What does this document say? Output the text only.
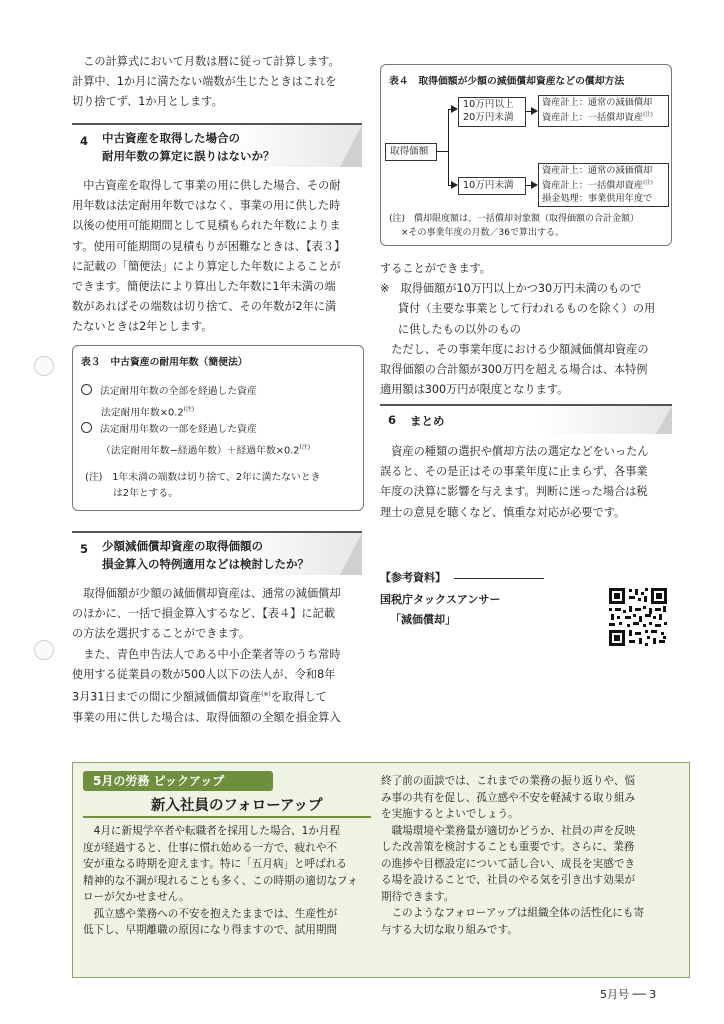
この計算式において月数は暦に従って計算します。

計算中、1か月に満たない端数が生じたときはこれを

切り捨てず、1か月とします。

4 中古資産を取得した場合の
耐用年数の算定に誤りはないか？

中古資産を取得して事業の用に供した場合、その耐

用年数は法定耐用年数ではなく、事業の用に供した時

以後の使用可能期間として見積もられた年数によりま

す。使用可能期間の見積もりが困難なときは、【表３】

に記載の「簡便法」により算定した年数によることが

できます。簡便法により算出した年数に1年未満の端

数があればその端数は切り捨て、その年数が2年に満

たないときは2年とします。

表３　中古資産の耐用年数（簡便法）
法定耐用年数の全部を経過した資産
法定耐用年数$\times 0.2^{(注)}$
法定耐用年数の一部を経過した資産
（法定耐用年数−経過年数）＋経過年数$\times 0.2^{(注)}$
(注)　1年未満の端数は切り捨て、2年に満たないとき
は2年とする。
5 少額減価償却資産の取得価額の
損金算入の特例適用などは検討したか？

取得価額が少額の減価償却資産は、通常の減価償却

のほかに、一括で損金算入するなど、【表４】に記載

の方法を選択することができます。

また、青色申告法人である中小企業者等のうち常時

使用する従業員の数が500人以下の法人が、令和8年

3月31日までの間に少額減価償却資産(※)を取得して

事業の用に供した場合は、取得価額の全額を損金算入

表４　取得価額が少額の減価償却資産などの償却方法
取得価額
10万円以上
20万円未満
10万円未満
資産計上：通常の減価償却
資産計上：一括償却資産$^{(注)}$
資産計上：通常の減価償却
資産計上：一括償却資産$^{(注)}$
損金処理：事業供用年度で
(注)　償却限度額は、一括償却対象額（取得価額の合計金額）
×その事業年度の月数／36で算出する。

することができます。

※　取得価額が10万円以上かつ30万円未満のもので

貸付（主要な事業として行われるものを除く）の用

に供したもの以外のもの

ただし、その事業年度における少額減価償却資産の

取得価額の合計額が300万円を超える場合は、本特例

適用額は300万円が限度となります。

6 まとめ

資産の種類の選択や償却方法の選定などをいったん

誤ると、その是正はその事業年度に止まらず、各事業

年度の決算に影響を与えます。判断に迷った場合は税

理士の意見を聴くなど、慎重な対応が必要です。

【参考資料】
国税庁タックスアンサー
「減価償却」
5月の労務 ピックアップ
新入社員のフォローアップ

4月に新規学卒者や転職者を採用した場合、1か月程

度が経過すると、仕事に慣れ始める一方で、疲れや不

安が重なる時期を迎えます。特に「五月病」と呼ばれる

精神的な不調が現れることも多く、この時期の適切なフォ

ローが欠かせません。

孤立感や業務への不安を抱えたままでは、生産性が

低下し、早期離職の原因になり得ますので、試用期間

終了前の面談では、これまでの業務の振り返りや、悩

み事の共有を促し、孤立感や不安を軽減する取り組み

を実施するとよいでしょう。

職場環境や業務量が適切かどうか、社員の声を反映

した改善策を検討することも重要です。さらに、業務

の進捗や目標設定について話し合い、成長を実感でき

る場を設けることで、社員のやる気を引き出す効果が

期待できます。

このようなフォローアップは組織全体の活性化にも寄

与する大切な取り組みです。

5月号 ── 3
